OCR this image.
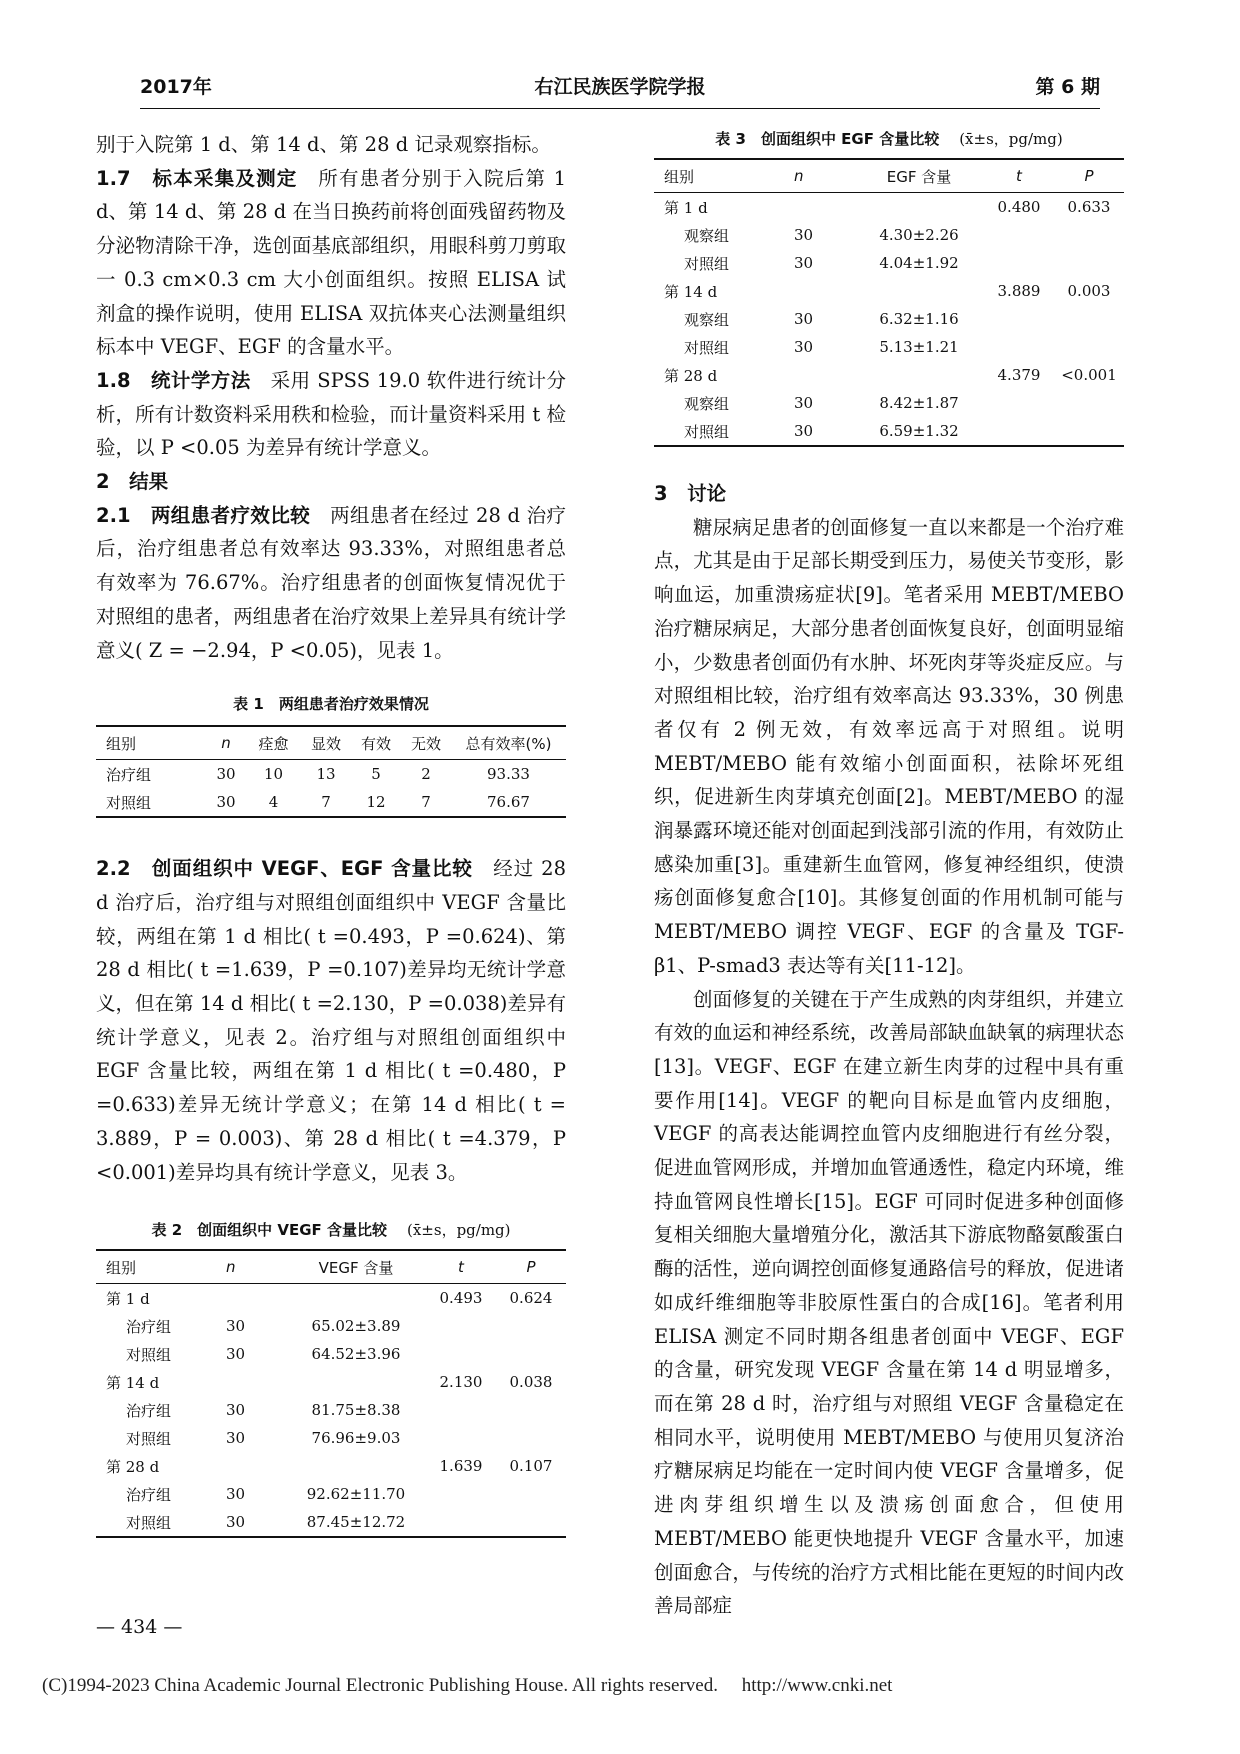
2017年	右江民族医学院学报	第 6 期

别于入院第 1 d、第 14 d、第 28 d 记录观察指标。

1.7　标本采集及测定　 所有患者分别于入院后第 1 d、第 14 d、第 28 d 在当日换药前将创面残留药物及分泌物清除干净，选创面基底部组织，用眼科剪刀剪取一 0.3 cm×0.3 cm 大小创面组织。按照 ELISA 试剂盒的操作说明，使用 ELISA 双抗体夹心法测量组织标本中 VEGF、EGF 的含量水平。

1.8　统计学方法　 采用 SPSS 19.0 软件进行统计分析，所有计数资料采用秩和检验，而计量资料采用 t 检验，以 P <0.05 为差异有统计学意义。

2　结果

2.1　两组患者疗效比较　 两组患者在经过 28 d 治疗后，治疗组患者总有效率达 93.33%，对照组患者总有效率为 76.67%。治疗组患者的创面恢复情况优于对照组的患者，两组患者在治疗效果上差异具有统计学意义( Z = −2.94，P <0.05)，见表 1。

表 1　两组患者治疗效果情况

组别	n	痊愈	显效	有效	无效	总有效率(%)
治疗组	30	10	13	5	2	93.33
对照组	30	4	7	12	7	76.67

2.2　创面组织中 VEGF、EGF 含量比较　 经过 28 d 治疗后，治疗组与对照组创面组织中 VEGF 含量比较，两组在第 1 d 相比( t =0.493，P =0.624)、第 28 d 相比( t =1.639，P =0.107)差异均无统计学意义，但在第 14 d 相比( t =2.130，P =0.038)差异有统计学意义，见表 2。治疗组与对照组创面组织中 EGF 含量比较，两组在第 1 d 相比( t =0.480，P =0.633)差异无统计学意义；在第 14 d 相比( t = 3.889，P = 0.003)、第 28 d 相比( t =4.379，P <0.001)差异均具有统计学意义，见表 3。

表 2　创面组织中 VEGF 含量比较 (x̄±s，pg/mg)

组别	n	VEGF 含量	t	P
第 1 d			0.493	0.624
治疗组	30	65.02±3.89		
对照组	30	64.52±3.96		
第 14 d			2.130	0.038
治疗组	30	81.75±8.38		
对照组	30	76.96±9.03		
第 28 d			1.639	0.107
治疗组	30	92.62±11.70		
对照组	30	87.45±12.72		

表 3　创面组织中 EGF 含量比较 (x̄±s，pg/mg)

组别	n	EGF 含量	t	P
第 1 d			0.480	0.633
观察组	30	4.30±2.26		
对照组	30	4.04±1.92		
第 14 d			3.889	0.003
观察组	30	6.32±1.16		
对照组	30	5.13±1.21		
第 28 d			4.379	<0.001
观察组	30	8.42±1.87		
对照组	30	6.59±1.32		

3　讨论

糖尿病足患者的创面修复一直以来都是一个治疗难点，尤其是由于足部长期受到压力，易使关节变形，影响血运，加重溃疡症状[9]。笔者采用 MEBT/MEBO 治疗糖尿病足，大部分患者创面恢复良好，创面明显缩小，少数患者创面仍有水肿、坏死肉芽等炎症反应。与对照组相比较，治疗组有效率高达 93.33%，30 例患者仅有 2 例无效，有效率远高于对照组。说明 MEBT/MEBO 能有效缩小创面面积，祛除坏死组织，促进新生肉芽填充创面[2]。MEBT/MEBO 的湿润暴露环境还能对创面起到浅部引流的作用，有效防止感染加重[3]。重建新生血管网，修复神经组织，使溃疡创面修复愈合[10]。其修复创面的作用机制可能与 MEBT/MEBO 调控 VEGF、EGF 的含量及 TGF-β1、P-smad3 表达等有关[11-12]。

创面修复的关键在于产生成熟的肉芽组织，并建立有效的血运和神经系统，改善局部缺血缺氧的病理状态[13]。VEGF、EGF 在建立新生肉芽的过程中具有重要作用[14]。VEGF 的靶向目标是血管内皮细胞，VEGF 的高表达能调控血管内皮细胞进行有丝分裂，促进血管网形成，并增加血管通透性，稳定内环境，维持血管网良性增长[15]。EGF 可同时促进多种创面修复相关细胞大量增殖分化，激活其下游底物酪氨酸蛋白酶的活性，逆向调控创面修复通路信号的释放，促进诸如成纤维细胞等非胶原性蛋白的合成[16]。笔者利用 ELISA 测定不同时期各组患者创面中 VEGF、EGF 的含量，研究发现 VEGF 含量在第 14 d 明显增多，而在第 28 d 时，治疗组与对照组 VEGF 含量稳定在相同水平，说明使用 MEBT/MEBO 与使用贝复济治疗糖尿病足均能在一定时间内使 VEGF 含量增多，促进肉芽组织增生以及溃疡创面愈合，但使用 MEBT/MEBO 能更快地提升 VEGF 含量水平，加速创面愈合，与传统的治疗方式相比能在更短的时间内改善局部症

— 434 —
(C)1994-2023 China Academic Journal Electronic Publishing House. All rights reserved.　 http://www.cnki.net
